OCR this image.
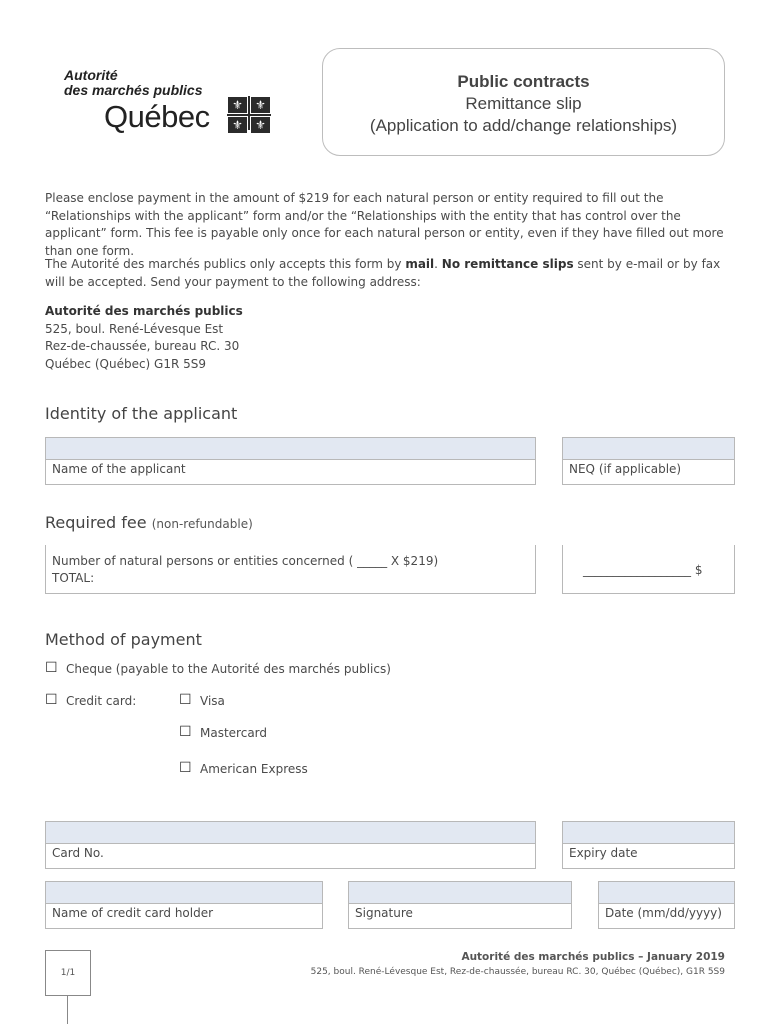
Autorité
des marchés publics
Québec	⚜	⚜
⚜	⚜
Public contracts
Remittance slip
(Application to add/change relationships)
Please enclose payment in the amount of $219 for each natural person or entity required to fill out the “Relationships with the applicant” form and/or the “Relationships with the entity that has control over the applicant” form. This fee is payable only once for each natural person or entity, even if they have filled out more than one form.
The Autorité des marchés publics only accepts this form by mail. No remittance slips sent by e-mail or by fax will be accepted. Send your payment to the following address:
Autorité des marchés publics
525, boul. René-Lévesque Est
Rez-de-chaussée, bureau RC. 30
Québec (Québec) G1R 5S9
Identity of the applicant
Name of the applicant	NEQ (if applicable)
Required fee (non-refundable)
Number of natural persons or entities concerned ( _____ X $219)
TOTAL:
__________________ $
Method of payment
☐ Cheque (payable to the Autorité des marchés publics)
☐ Credit card:	☐ Visa
☐ Mastercard
☐ American Express
Card No.	Expiry date
Name of credit card holder	Signature	Date (mm/dd/yyyy)
1/1
Autorité des marchés publics – January 2019
525, boul. René-Lévesque Est, Rez-de-chaussée, bureau RC. 30, Québec (Québec), G1R 5S9
